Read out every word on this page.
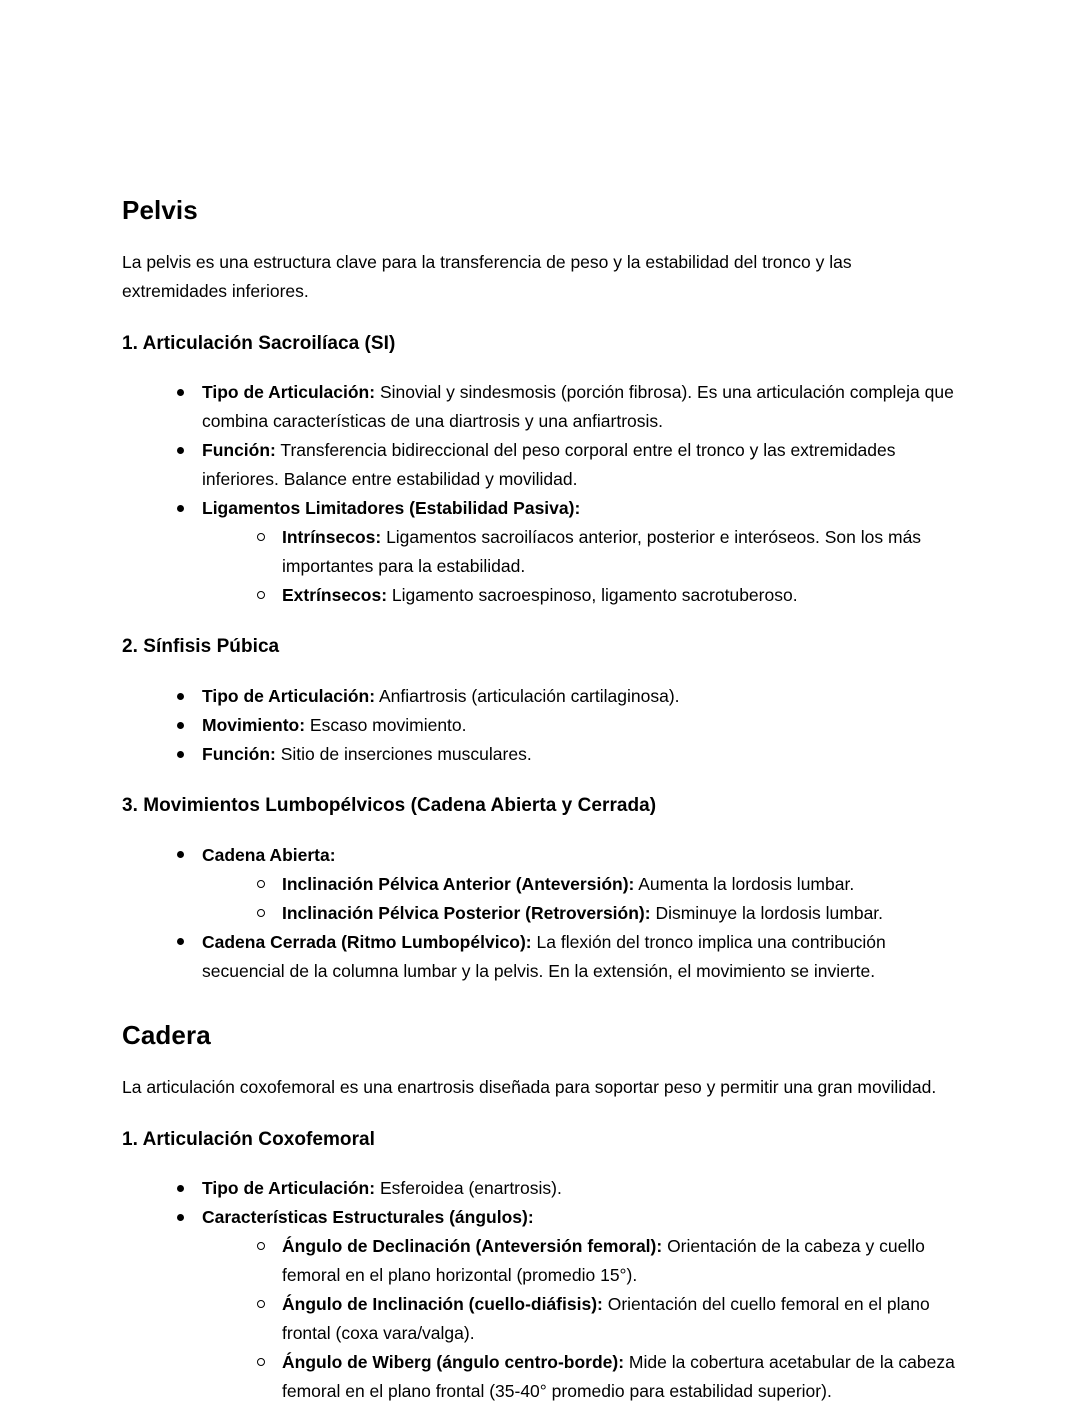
Pelvis

La pelvis es una estructura clave para la transferencia de peso y la estabilidad del tronco y las extremidades inferiores.

1. Articulación Sacroilíaca (SI)
Tipo de Articulación: Sinovial y sindesmosis (porción fibrosa). Es una articulación compleja que combina características de una diartrosis y una anfiartrosis.
Función: Transferencia bidireccional del peso corporal entre el tronco y las extremidades inferiores. Balance entre estabilidad y movilidad.
Ligamentos Limitadores (Estabilidad Pasiva):
Intrínsecos: Ligamentos sacroilíacos anterior, posterior e interóseos. Son los más importantes para la estabilidad.
Extrínsecos: Ligamento sacroespinoso, ligamento sacrotuberoso.
2. Sínfisis Púbica
Tipo de Articulación: Anfiartrosis (articulación cartilaginosa).
Movimiento: Escaso movimiento.
Función: Sitio de inserciones musculares.
3. Movimientos Lumbopélvicos (Cadena Abierta y Cerrada)
Cadena Abierta:
Inclinación Pélvica Anterior (Anteversión): Aumenta la lordosis lumbar.
Inclinación Pélvica Posterior (Retroversión): Disminuye la lordosis lumbar.
Cadena Cerrada (Ritmo Lumbopélvico): La flexión del tronco implica una contribución secuencial de la columna lumbar y la pelvis. En la extensión, el movimiento se invierte.
Cadera

La articulación coxofemoral es una enartrosis diseñada para soportar peso y permitir una gran movilidad.

1. Articulación Coxofemoral
Tipo de Articulación: Esferoidea (enartrosis).
Características Estructurales (ángulos):
Ángulo de Declinación (Anteversión femoral): Orientación de la cabeza y cuello femoral en el plano horizontal (promedio 15°).
Ángulo de Inclinación (cuello-diáfisis): Orientación del cuello femoral en el plano frontal (coxa vara/valga).
Ángulo de Wiberg (ángulo centro-borde): Mide la cobertura acetabular de la cabeza femoral en el plano frontal (35-40° promedio para estabilidad superior).
